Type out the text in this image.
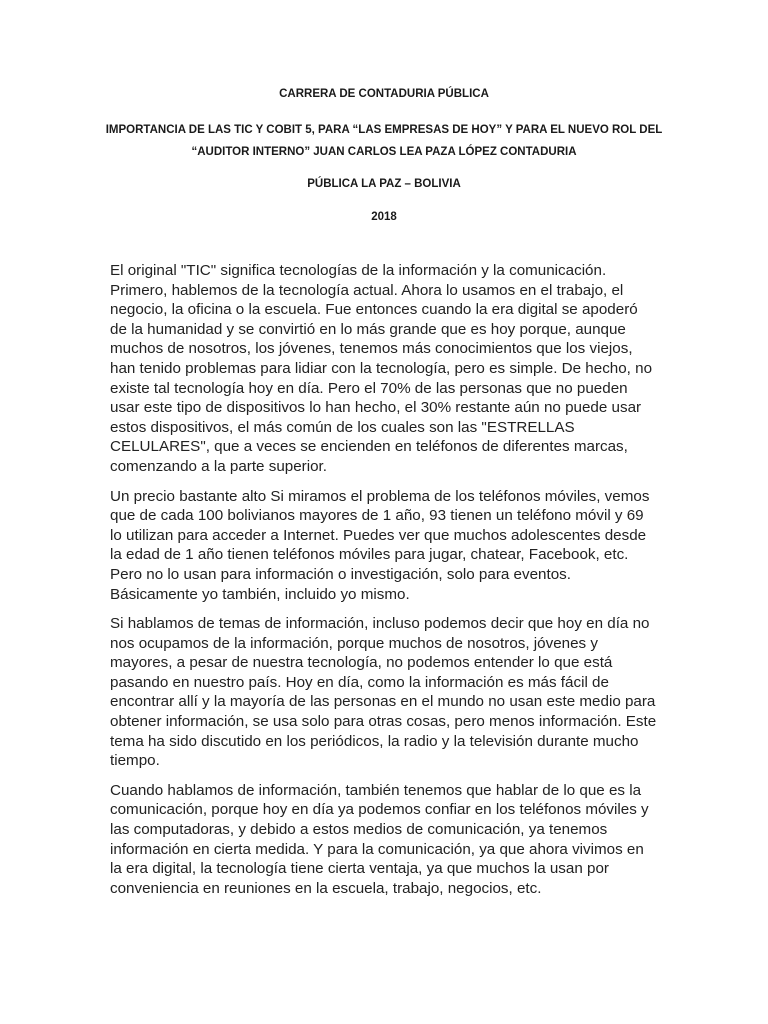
CARRERA DE CONTADURIA PÚBLICA

IMPORTANCIA DE LAS TIC Y COBIT 5, PARA “LAS EMPRESAS DE HOY” Y PARA EL NUEVO ROL DEL “AUDITOR INTERNO” JUAN CARLOS LEA PAZA LÓPEZ CONTADURIA

PÚBLICA LA PAZ – BOLIVIA

2018

El original "TIC" significa tecnologías de la información y la comunicación. Primero, hablemos de la tecnología actual. Ahora lo usamos en el trabajo, el negocio, la oficina o la escuela. Fue entonces cuando la era digital se apoderó de la humanidad y se convirtió en lo más grande que es hoy porque, aunque muchos de nosotros, los jóvenes, tenemos más conocimientos que los viejos, han tenido problemas para lidiar con la tecnología, pero es simple. De hecho, no existe tal tecnología hoy en día. Pero el 70% de las personas que no pueden usar este tipo de dispositivos lo han hecho, el 30% restante aún no puede usar estos dispositivos, el más común de los cuales son las "ESTRELLAS CELULARES", que a veces se encienden en teléfonos de diferentes marcas, comenzando a la parte superior.

Un precio bastante alto Si miramos el problema de los teléfonos móviles, vemos que de cada 100 bolivianos mayores de 1 año, 93 tienen un teléfono móvil y 69 lo utilizan para acceder a Internet. Puedes ver que muchos adolescentes desde la edad de 1 año tienen teléfonos móviles para jugar, chatear, Facebook, etc. Pero no lo usan para información o investigación, solo para eventos. Básicamente yo también, incluido yo mismo.

Si hablamos de temas de información, incluso podemos decir que hoy en día no nos ocupamos de la información, porque muchos de nosotros, jóvenes y mayores, a pesar de nuestra tecnología, no podemos entender lo que está pasando en nuestro país. Hoy en día, como la información es más fácil de encontrar allí y la mayoría de las personas en el mundo no usan este medio para obtener información, se usa solo para otras cosas, pero menos información. Este tema ha sido discutido en los periódicos, la radio y la televisión durante mucho tiempo.

Cuando hablamos de información, también tenemos que hablar de lo que es la comunicación, porque hoy en día ya podemos confiar en los teléfonos móviles y las computadoras, y debido a estos medios de comunicación, ya tenemos información en cierta medida. Y para la comunicación, ya que ahora vivimos en la era digital, la tecnología tiene cierta ventaja, ya que muchos la usan por conveniencia en reuniones en la escuela, trabajo, negocios, etc.
